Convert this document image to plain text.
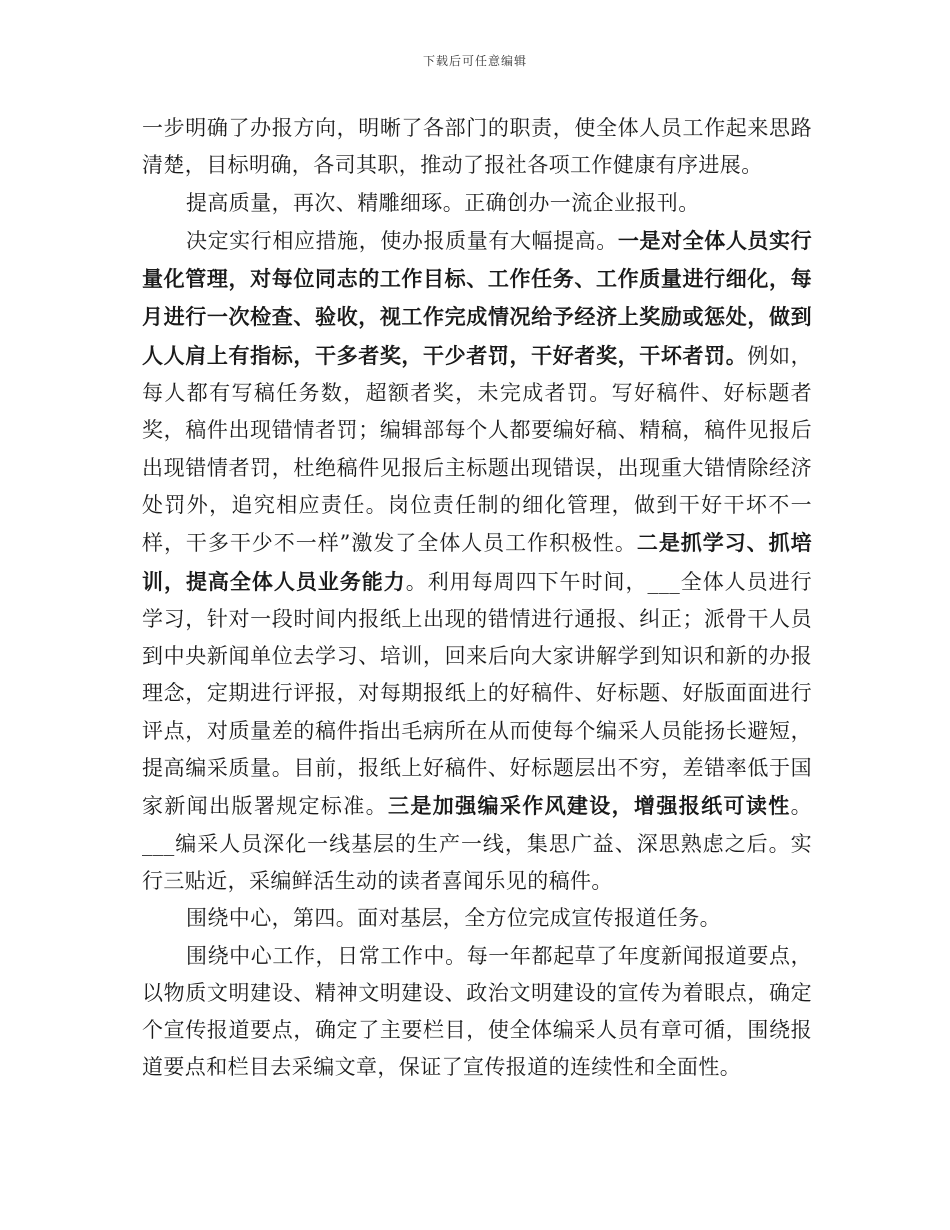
下载后可任意编辑

一步明确了办报方向，明晰了各部门的职责，使全体人员工作起来思路清楚，目标明确，各司其职，推动了报社各项工作健康有序进展。

提高质量，再次、精雕细琢。正确创办一流企业报刊。

决定实行相应措施，使办报质量有大幅提高。一是对全体人员实行量化管理，对每位同志的工作目标、工作任务、工作质量进行细化，每月进行一次检查、验收，视工作完成情况给予经济上奖励或惩处，做到人人肩上有指标，干多者奖，干少者罚，干好者奖，干坏者罚。例如，每人都有写稿任务数，超额者奖，未完成者罚。写好稿件、好标题者奖，稿件出现错情者罚；编辑部每个人都要编好稿、精稿，稿件见报后出现错情者罚，杜绝稿件见报后主标题出现错误，出现重大错情除经济处罚外，追究相应责任。岗位责任制的细化管理，做到干好干坏不一样，干多干少不一样”激发了全体人员工作积极性。二是抓学习、抓培训，提高全体人员业务能力。利用每周四下午时间，___全体人员进行学习，针对一段时间内报纸上出现的错情进行通报、纠正；派骨干人员到中央新闻单位去学习、培训，回来后向大家讲解学到知识和新的办报理念，定期进行评报，对每期报纸上的好稿件、好标题、好版面面进行评点，对质量差的稿件指出毛病所在从而使每个编采人员能扬长避短，提高编采质量。目前，报纸上好稿件、好标题层出不穷，差错率低于国家新闻出版署规定标准。三是加强编采作风建设，增强报纸可读性。___编采人员深化一线基层的生产一线，集思广益、深思熟虑之后。实行三贴近，采编鲜活生动的读者喜闻乐见的稿件。

围绕中心，第四。面对基层，全方位完成宣传报道任务。

围绕中心工作，日常工作中。每一年都起草了年度新闻报道要点，以物质文明建设、精神文明建设、政治文明建设的宣传为着眼点，确定个宣传报道要点，确定了主要栏目，使全体编采人员有章可循，围绕报道要点和栏目去采编文章，保证了宣传报道的连续性和全面性。
